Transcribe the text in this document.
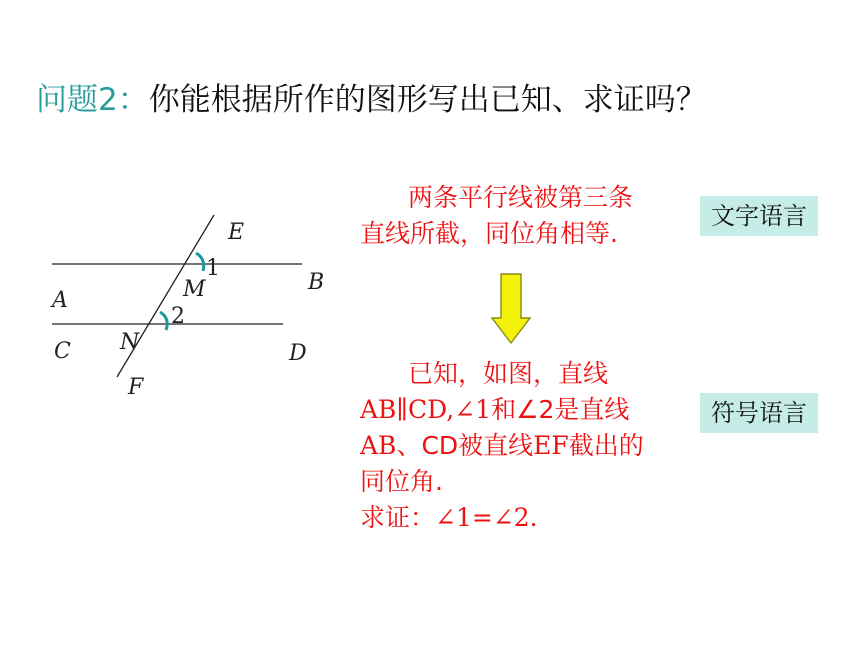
问题2：你能根据所作的图形写出已知、求证吗？
E
1
B
M
A
2
C N	D
F
两条平行线被第三条
直线所截，同位角相等.
文字语言
已知，如图，直线
AB∥CD,∠1和∠2是直线
AB、CD被直线EF截出的
同位角.
求证：∠1=∠2.
符号语言
